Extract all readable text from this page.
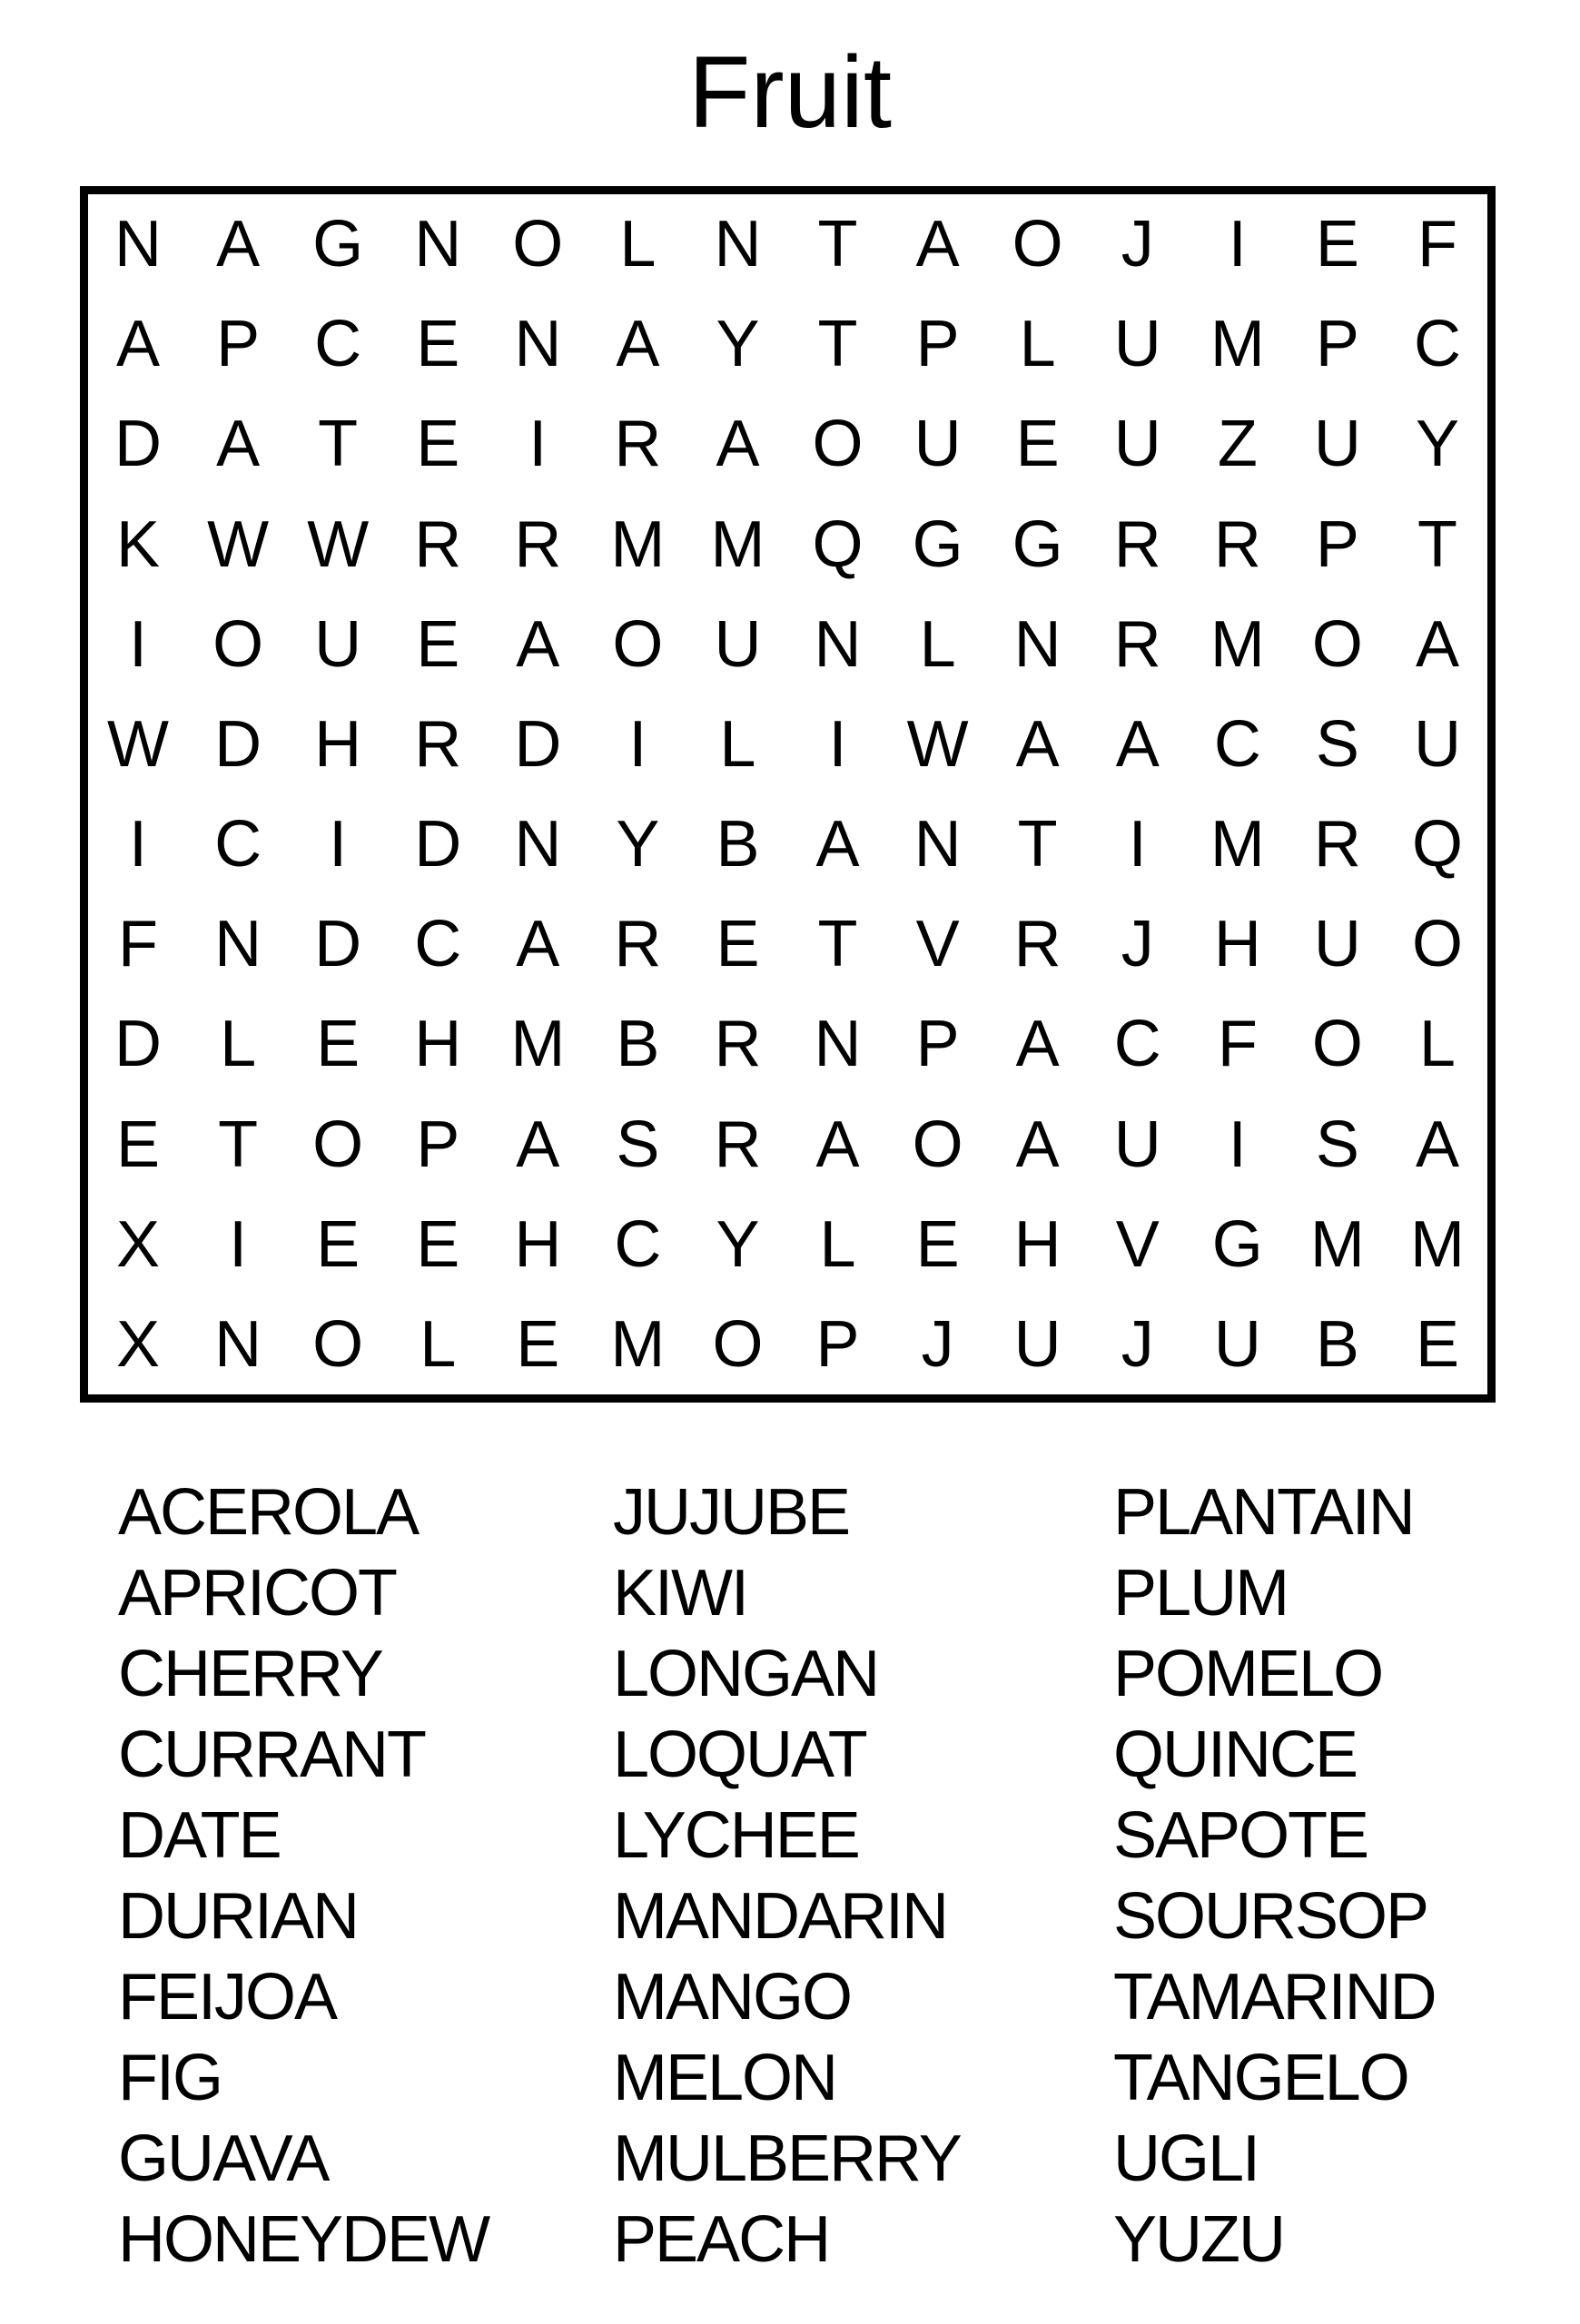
Fruit
N A G N O L N T A O J	I	E F
A P C E N A Y T P L U M P C
D A T E	I	R A O U E U Z U Y
K W W R R M M Q G G R R P T
I	O U E A O U N L N R M O A
W D H R D	I	L	I W A A C S U
I	C	I	D N Y B A N T	I M R Q
F N D C A R E T V R J H U O
D L E H M B R N P A C F O L
E T O P A S R A O A U	I	S A
X	I	E E H C Y L E H V G M M
X N O L E M O P J U J U B E
ACEROLA
APRICOT
CHERRY
CURRANT
DATE
DURIAN
FEIJOA
FIG
GUAVA
HONEYDEW
JUJUBE
KIWI
LONGAN
LOQUAT
LYCHEE
MANDARIN
MANGO
MELON
MULBERRY
PEACH
PLANTAIN
PLUM
POMELO
QUINCE
SAPOTE
SOURSOP
TAMARIND
TANGELO
UGLI
YUZU
